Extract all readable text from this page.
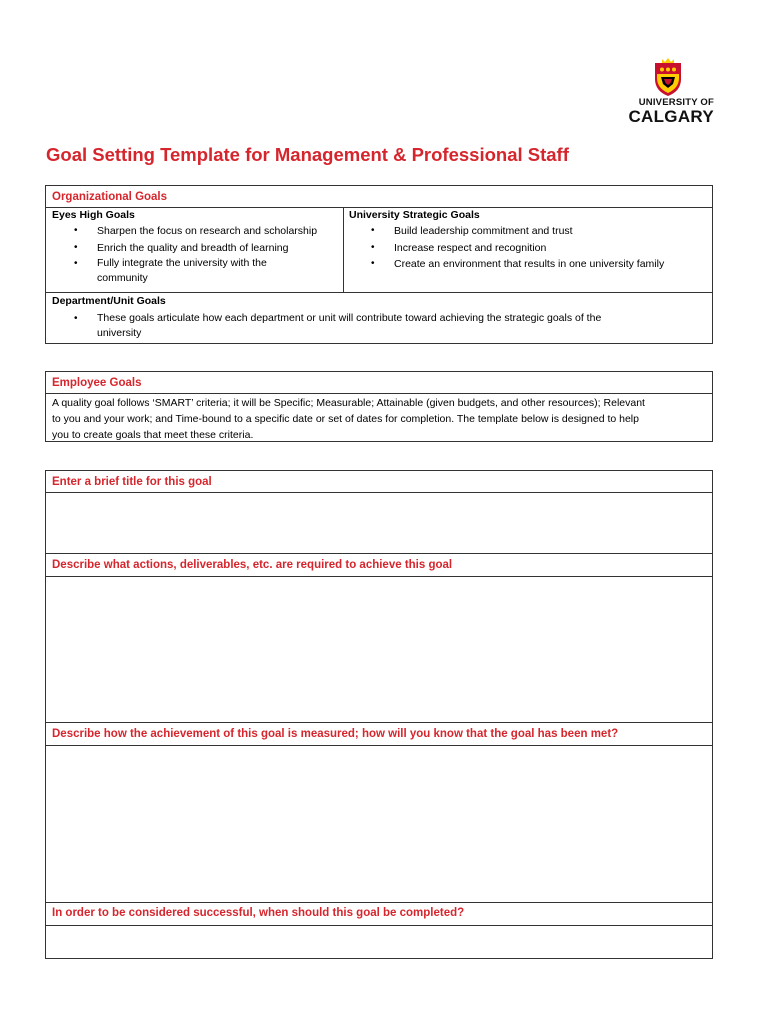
UNIVERSITY OF
CALGARY
Goal Setting Template for Management & Professional Staff
Organizational Goals
Eyes High Goals
• Sharpen the focus on research and scholarship
• Enrich the quality and breadth of learning
• Fully integrate the university with the
community
University Strategic Goals
• Build leadership commitment and trust
• Increase respect and recognition
• Create an environment that results in one university family
Department/Unit Goals
• These goals articulate how each department or unit will contribute toward achieving the strategic goals of the
university
Employee Goals
A quality goal follows ‘SMART’ criteria; it will be Specific; Measurable; Attainable (given budgets, and other resources); Relevant
to you and your work; and Time-bound to a specific date or set of dates for completion. The template below is designed to help
you to create goals that meet these criteria.
Enter a brief title for this goal
Describe what actions, deliverables, etc. are required to achieve this goal
Describe how the achievement of this goal is measured; how will you know that the goal has been met?
In order to be considered successful, when should this goal be completed?
